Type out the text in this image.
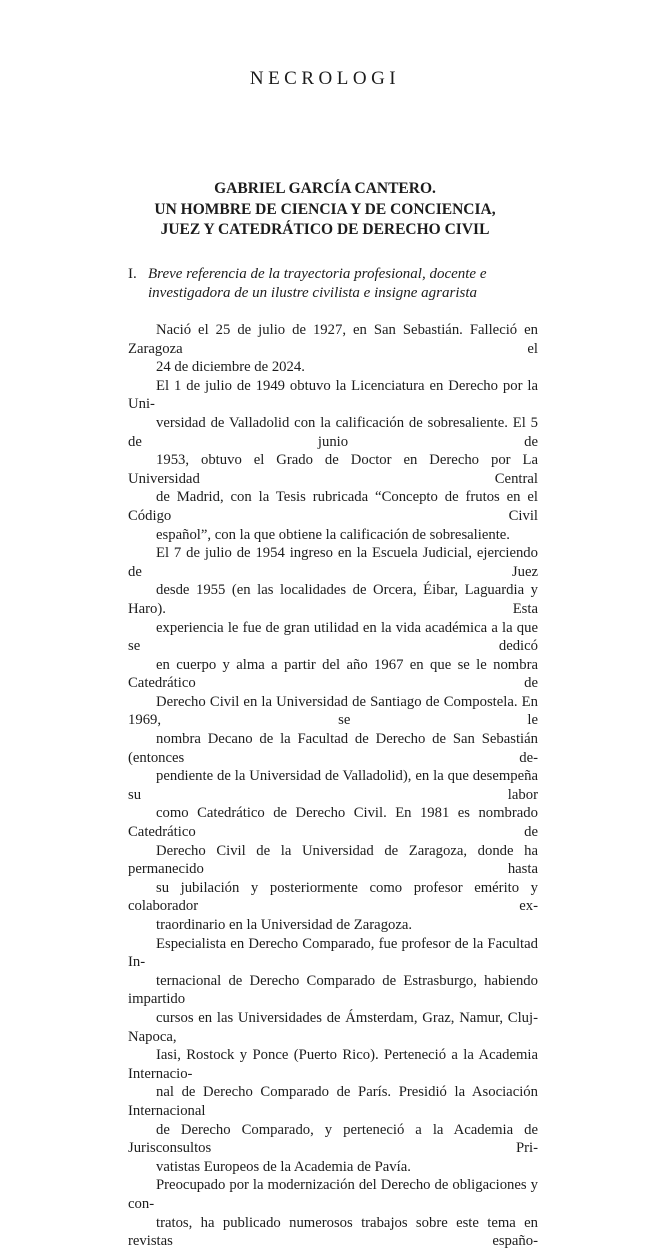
NECROLOGI
GABRIEL GARCÍA CANTERO.
UN HOMBRE DE CIENCIA Y DE CONCIENCIA,
JUEZ Y CATEDRÁTICO DE DERECHO CIVIL
I. Breve referencia de la trayectoria profesional, docente e investigadora de un ilustre civilista e insigne agrarista

Nació el 25 de julio de 1927, en San Sebastián. Falleció en Zaragoza el
24 de diciembre de 2024.

El 1 de julio de 1949 obtuvo la Licenciatura en Derecho por la Uni-
versidad de Valladolid con la calificación de sobresaliente. El 5 de junio de
1953, obtuvo el Grado de Doctor en Derecho por La Universidad Central
de Madrid, con la Tesis rubricada “Concepto de frutos en el Código Civil
español”, con la que obtiene la calificación de sobresaliente.

El 7 de julio de 1954 ingreso en la Escuela Judicial, ejerciendo de Juez
desde 1955 (en las localidades de Orcera, Éibar, Laguardia y Haro). Esta
experiencia le fue de gran utilidad en la vida académica a la que se dedicó
en cuerpo y alma a partir del año 1967 en que se le nombra Catedrático de
Derecho Civil en la Universidad de Santiago de Compostela. En 1969, se le
nombra Decano de la Facultad de Derecho de San Sebastián (entonces de-
pendiente de la Universidad de Valladolid), en la que desempeña su labor
como Catedrático de Derecho Civil. En 1981 es nombrado Catedrático de
Derecho Civil de la Universidad de Zaragoza, donde ha permanecido hasta
su jubilación y posteriormente como profesor emérito y colaborador ex-
traordinario en la Universidad de Zaragoza.

Especialista en Derecho Comparado, fue profesor de la Facultad In-
ternacional de Derecho Comparado de Estrasburgo, habiendo impartido
cursos en las Universidades de Ámsterdam, Graz, Namur, Cluj-Napoca,
Iasi, Rostock y Ponce (Puerto Rico). Perteneció a la Academia Internacio-
nal de Derecho Comparado de París. Presidió la Asociación Internacional
de Derecho Comparado, y perteneció a la Academia de Jurisconsultos Pri-
vatistas Europeos de la Academia de Pavía.

Preocupado por la modernización del Derecho de obligaciones y con-
tratos, ha publicado numerosos trabajos sobre este tema en revistas españo-
